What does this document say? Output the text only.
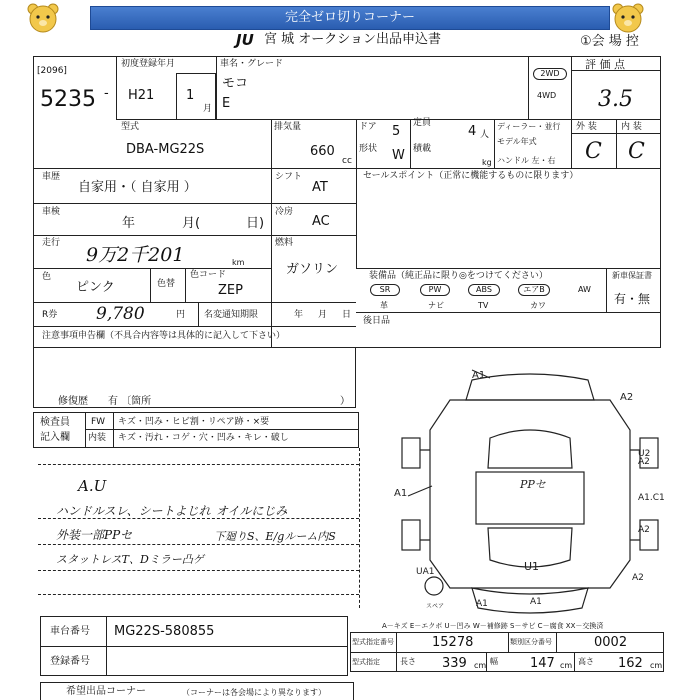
完全ゼロ切りコーナー
JU 宮 城 オークション出品申込書	①会 場 控
[2096]
5235 -
初度登録年月
H21 1
月
車名・グレード
モコ
E
2WD
4WD
評 価 点
3.5
外 装	内 装
C C
型式
DBA-MG22S
排気量
660
cc
ドア 5
形状 W
定員
4 人
積載
kg
ディーラー・並行
モデル年式
ハンドル 左・右
車歴
自家用・（ 自家用 ）
シフト
AT
セールスポイント（正常に機能するものに限ります）
車検
年	月(	日)
冷房
AC
走行
9万2千201	km
燃料
ガソリン
色
ピンク	色替
色コード
ZEP
装備品（純正品に限り◎をつけてください）	新車保証書
有・無
SR	PW	ABS	エアB	AW
革	ナビ	TV	カワ
後日品
R券 9,780	円 名変通知期限	年 月 日
注意事項申告欄（不具合内容等は具体的に記入して下さい）
修復歴 有 〔箇所	）
検査員
記入欄
FW キズ・凹み・ヒビ割・リペア跡・×要
内装 キズ・汚れ・コゲ・穴・凹み・キレ・破し
A.U
ハンドルスレ、シートよじれ
外装一部PPセ
スタットレスT、Dミラー凸ゲ
オイルにじみ
下廻りS、E/gルーム内S
A1
A2
U2
A2
A1	A1.C1
A2
PPセ
U1
UA1
A2
A1	A1
スペア
A－キズ E－エクボ U－凹み W－補修跡 S－サビ C－腐食 XX－交換済
車台番号 MG22S-580855
登録番号
型式指定番号	15278	類別区分番号	0002
型式指定	長さ 339 cm 幅 147 cm 高さ 162 cm
希望出品コーナー	（コーナーは各会場により異なります）
